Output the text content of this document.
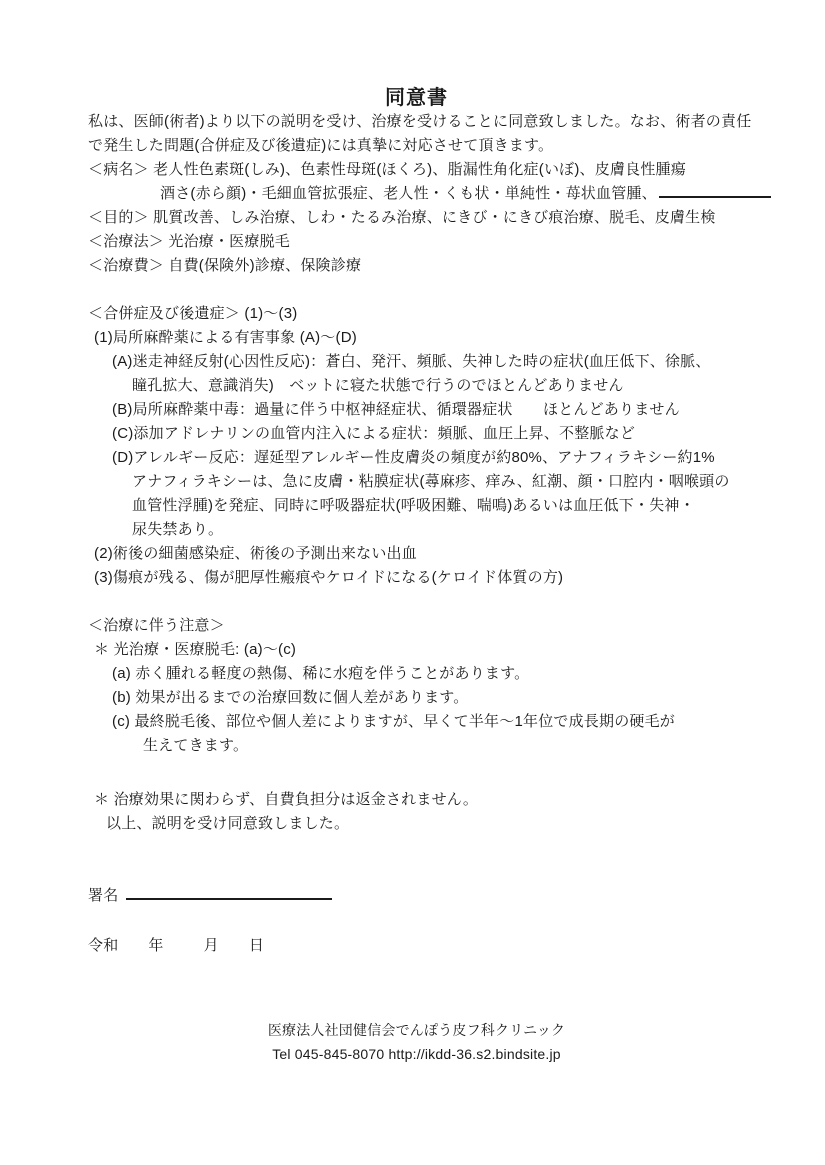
同意書
私は、医師(術者)より以下の説明を受け、治療を受けることに同意致しました。なお、術者の責任
で発生した問題(合併症及び後遺症)には真摯に対応させて頂きます。
＜病名＞ 老人性色素斑(しみ)、色素性母斑(ほくろ)、脂漏性角化症(いぼ)、皮膚良性腫瘍
酒さ(赤ら顔)・毛細血管拡張症、老人性・くも状・単純性・苺状血管腫、
＜目的＞ 肌質改善、しみ治療、しわ・たるみ治療、にきび・にきび痕治療、脱毛、皮膚生検
＜治療法＞ 光治療・医療脱毛
＜治療費＞ 自費(保険外)診療、保険診療
＜合併症及び後遺症＞ (1)～(3)
(1)局所麻酔薬による有害事象 (A)～(D)
(A)迷走神経反射(心因性反応)：蒼白、発汗、頻脈、失神した時の症状(血圧低下、徐脈、
瞳孔拡大、意識消失)　ベットに寝た状態で行うのでほとんどありません
(B)局所麻酔薬中毒：過量に伴う中枢神経症状、循環器症状　　ほとんどありません
(C)添加アドレナリンの血管内注入による症状：頻脈、血圧上昇、不整脈など
(D)アレルギー反応：遅延型アレルギー性皮膚炎の頻度が約80%、アナフィラキシー約1%
アナフィラキシーは、急に皮膚・粘膜症状(蕁麻疹、痒み、紅潮、顔・口腔内・咽喉頭の
血管性浮腫)を発症、同時に呼吸器症状(呼吸困難、喘鳴)あるいは血圧低下・失神・
尿失禁あり。
(2)術後の細菌感染症、術後の予測出来ない出血
(3)傷痕が残る、傷が肥厚性瘢痕やケロイドになる(ケロイド体質の方)
＜治療に伴う注意＞
＊ 光治療・医療脱毛: (a)～(c)
(a) 赤く腫れる軽度の熱傷、稀に水疱を伴うことがあります。
(b) 効果が出るまでの治療回数に個人差があります。
(c) 最終脱毛後、部位や個人差によりますが、早くて半年～1年位で成長期の硬毛が
生えてきます。
＊ 治療効果に関わらず、自費負担分は返金されません。
以上、説明を受け同意致しました。
署名
令和 年	月 日
医療法人社団健信会でんぽう皮フ科クリニック
Tel 045-845-8070 http://ikdd-36.s2.bindsite.jp
